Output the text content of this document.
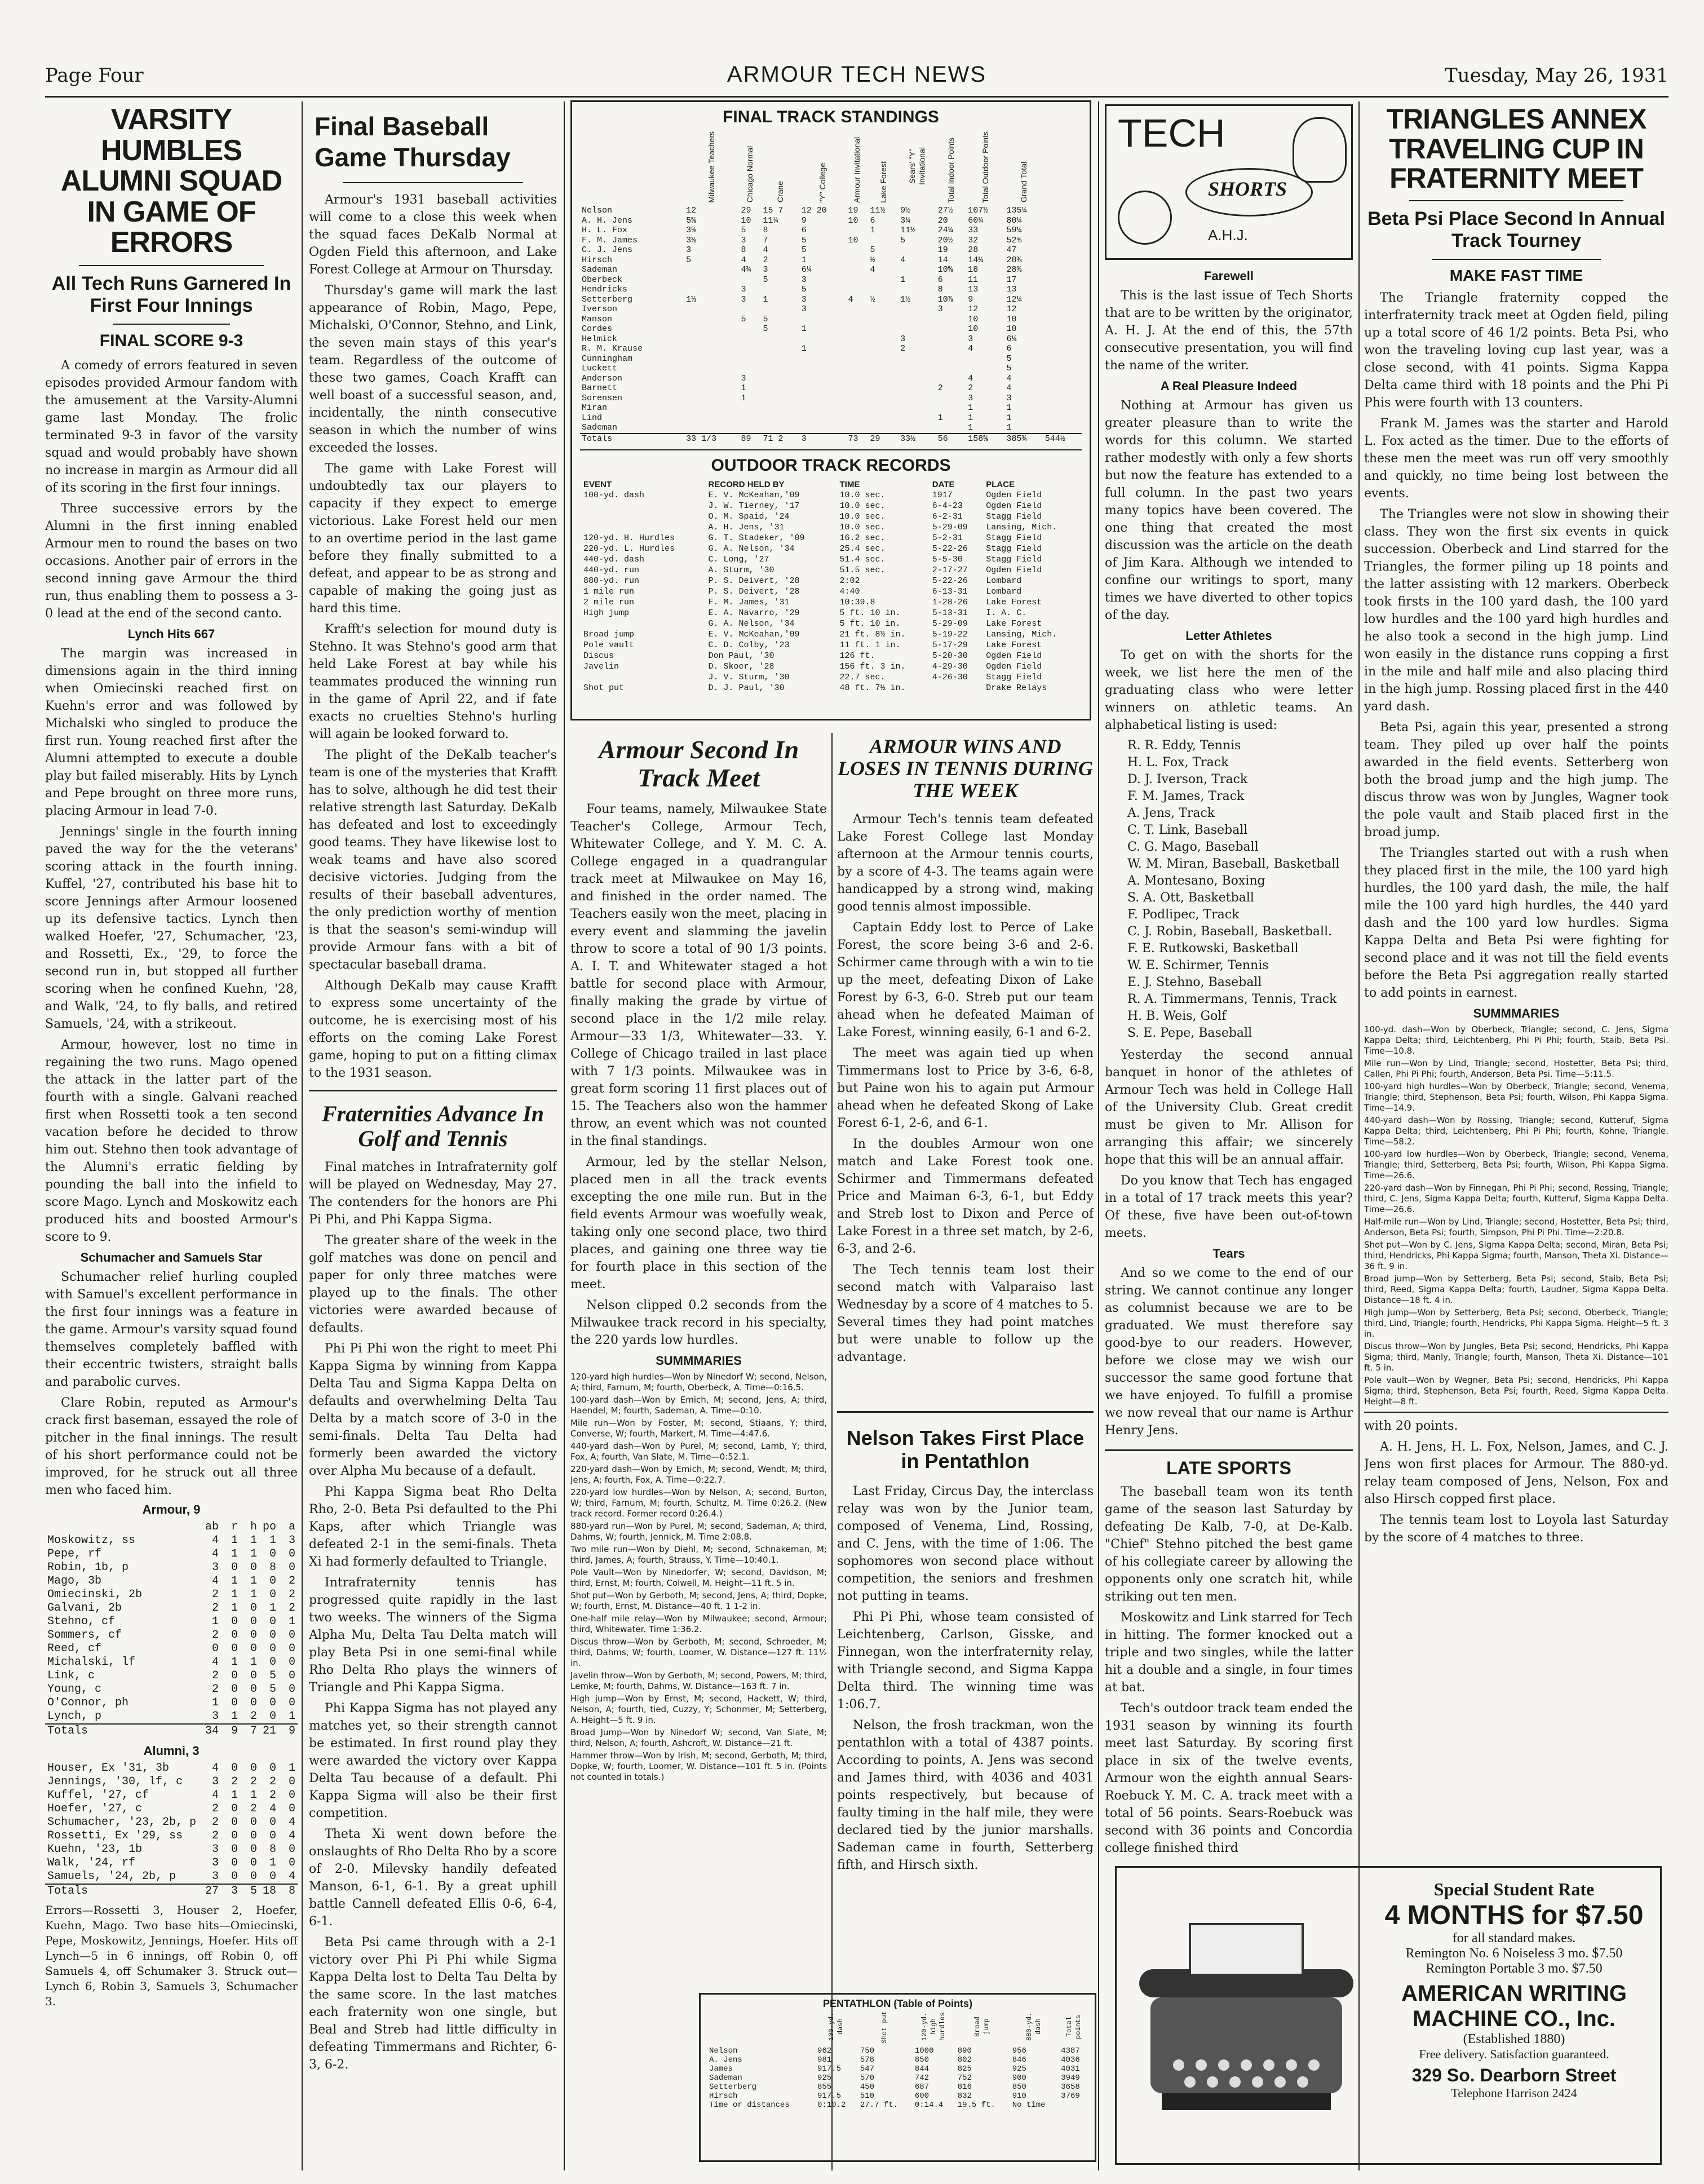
Page Four	ARMOUR TECH NEWS	Tuesday, May 26, 1931
VARSITY HUMBLES ALUMNI SQUAD IN GAME OF ERRORS
All Tech Runs Garnered In First Four Innings
FINAL SCORE 9-3

A comedy of errors featured in seven episodes provided Armour fandom with the amusement at the Varsity-Alumni game last Monday. The frolic terminated 9-3 in favor of the varsity squad and would probably have shown no increase in margin as Armour did all of its scoring in the first four innings.

Three successive errors by the Alumni in the first inning enabled Armour men to round the bases on two occasions. Another pair of errors in the second inning gave Armour the third run, thus enabling them to possess a 3-0 lead at the end of the second canto.

Lynch Hits 667

The margin was increased in dimensions again in the third inning when Omiecinski reached first on Kuehn's error and was followed by Michalski who singled to produce the first run. Young reached first after the Alumni attempted to execute a double play but failed miserably. Hits by Lynch and Pepe brought on three more runs, placing Armour in lead 7-0.

Jennings' single in the fourth inning paved the way for the the veterans' scoring attack in the fourth inning. Kuffel, '27, contributed his base hit to score Jennings after Armour loosened up its defensive tactics. Lynch then walked Hoefer, '27, Schumacher, '23, and Rossetti, Ex., '29, to force the second run in, but stopped all further scoring when he confined Kuehn, '28, and Walk, '24, to fly balls, and retired Samuels, '24, with a strikeout.

Armour, however, lost no time in regaining the two runs. Mago opened the attack in the latter part of the fourth with a single. Galvani reached first when Rossetti took a ten second vacation before he decided to throw him out. Stehno then took advantage of the Alumni's erratic fielding by pounding the ball into the infield to score Mago. Lynch and Moskowitz each produced hits and boosted Armour's score to 9.

Schumacher and Samuels Star

Schumacher relief hurling coupled with Samuel's excellent performance in the first four innings was a feature in the game. Armour's varsity squad found themselves completely baffled with their eccentric twisters, straight balls and parabolic curves.

Clare Robin, reputed as Armour's crack first baseman, essayed the role of pitcher in the final innings. The result of his short performance could not be improved, for he struck out all three men who faced him.

Armour, 9
	ab	r	h	po	a
Moskowitz, ss	4	1	1	1	3
Pepe, rf	4	1	1	0	0
Robin, 1b, p	3	0	0	8	0
Mago, 3b	4	1	1	0	2
Omiecinski, 2b	2	1	1	0	2
Galvani, 2b	2	1	0	1	2
Stehno, cf	1	0	0	0	1
Sommers, cf	2	0	0	0	0
Reed, cf	0	0	0	0	0
Michalski, lf	4	1	1	0	0
Link, c	2	0	0	5	0
Young, c	2	0	0	5	0
O'Connor, ph	1	0	0	0	0
Lynch, p	3	1	2	0	1
Totals	34	9	7	21	9
Alumni, 3
Houser, Ex '31, 3b	4	0	0	0	1
Jennings, '30, lf, c	3	2	2	2	0
Kuffel, '27, cf	4	1	1	2	0
Hoefer, '27, c	2	0	2	4	0
Schumacher, '23, 2b, p	2	0	0	0	4
Rossetti, Ex '29, ss	2	0	0	0	4
Kuehn, '23, 1b	3	0	0	8	0
Walk, '24, rf	3	0	0	1	0
Samuels, '24, 2b, p	3	0	0	0	4
Totals	27	3	5	18	8

Errors—Rossetti 3, Houser 2, Hoefer, Kuehn, Mago. Two base hits—Omiecinski, Pepe, Moskowitz, Jennings, Hoefer. Hits off Lynch—5 in 6 innings, off Robin 0, off Samuels 4, off Schumaker 3. Struck out—Lynch 6, Robin 3, Samuels 3, Schumacher 3.

Final Baseball Game Thursday

Armour's 1931 baseball activities will come to a close this week when the squad faces DeKalb Normal at Ogden Field this afternoon, and Lake Forest College at Armour on Thursday.

Thursday's game will mark the last appearance of Robin, Mago, Pepe, Michalski, O'Connor, Stehno, and Link, the seven main stays of this year's team. Regardless of the outcome of these two games, Coach Krafft can well boast of a successful season, and, incidentally, the ninth consecutive season in which the number of wins exceeded the losses.

The game with Lake Forest will undoubtedly tax our players to capacity if they expect to emerge victorious. Lake Forest held our men to an overtime period in the last game before they finally submitted to a defeat, and appear to be as strong and capable of making the going just as hard this time.

Krafft's selection for mound duty is Stehno. It was Stehno's good arm that held Lake Forest at bay while his teammates produced the winning run in the game of April 22, and if fate exacts no cruelties Stehno's hurling will again be looked forward to.

The plight of the DeKalb teacher's team is one of the mysteries that Krafft has to solve, although he did test their relative strength last Saturday. DeKalb has defeated and lost to exceedingly good teams. They have likewise lost to weak teams and have also scored decisive victories. Judging from the results of their baseball adventures, the only prediction worthy of mention is that the season's semi-windup will provide Armour fans with a bit of spectacular baseball drama.

Although DeKalb may cause Krafft to express some uncertainty of the outcome, he is exercising most of his efforts on the coming Lake Forest game, hoping to put on a fitting climax to the 1931 season.

Fraternities Advance In Golf and Tennis

Final matches in Intrafraternity golf will be played on Wednesday, May 27. The contenders for the honors are Phi Pi Phi, and Phi Kappa Sigma.

The greater share of the week in the golf matches was done on pencil and paper for only three matches were played up to the finals. The other victories were awarded because of defaults.

Phi Pi Phi won the right to meet Phi Kappa Sigma by winning from Kappa Delta Tau and Sigma Kappa Delta on defaults and overwhelming Delta Tau Delta by a match score of 3-0 in the semi-finals. Delta Tau Delta had formerly been awarded the victory over Alpha Mu because of a default.

Phi Kappa Sigma beat Rho Delta Rho, 2-0. Beta Psi defaulted to the Phi Kaps, after which Triangle was defeated 2-1 in the semi-finals. Theta Xi had formerly defaulted to Triangle.

Intrafraternity tennis has progressed quite rapidly in the last two weeks. The winners of the Sigma Alpha Mu, Delta Tau Delta match will play Beta Psi in one semi-final while Rho Delta Rho plays the winners of Triangle and Phi Kappa Sigma.

Phi Kappa Sigma has not played any matches yet, so their strength cannot be estimated. In first round play they were awarded the victory over Kappa Delta Tau because of a default. Phi Kappa Sigma will also be their first competition.

Theta Xi went down before the onslaughts of Rho Delta Rho by a score of 2-0. Milevsky handily defeated Manson, 6-1, 6-1. By a great uphill battle Cannell defeated Ellis 0-6, 6-4, 6-1.

Beta Psi came through with a 2-1 victory over Phi Pi Phi while Sigma Kappa Delta lost to Delta Tau Delta by the same score. In the last matches each fraternity won one single, but Beal and Streb had little difficulty in defeating Timmermans and Richter, 6-3, 6-2.

FINAL TRACK STANDINGS
	Milwaukee Teachers	Chicago Normal	Crane	"Y" College	Armour Invitational	Lake Forest	Sears' "Y" Invitational	Total Indoor Points	Total Outdoor Points	Grand Total	
Nelson	12	29	15 7	12 20	19	11½	9½	27½	107½	135¼	
A. H. Jens	5⅝	10	11¼	9	10	6	3¼	20	60¼	80¼	
H. L. Fox	3⅝	5	8	6		1	11½	24¼	33	59¼	
F. M. James	3⅜	3	7	5	10		5	20½	32	52⅝	
C. J. Jens	3	8	4	5		5		19	28	47	
Hirsch	5	4	2	1		½	4	14	14¼	28⅜	
Sademan		4¾	3	6¼		4		10⅝	18	28⅜	
Oberbeck			5	3			1	6	11	17	
Hendricks		3		5				8	13	13	
Setterberg	1⅓	3	1	3	4	½	1½	10⅞	9	12¼	
Iverson				3				3	12	12	
Manson		5	5						10	10	
Cordes			5	1					10	10	
Helmick							3		3	6¼	
R. M. Krause				1			2		4	6	
Cunningham										5	
Luckett										5	
Anderson		3							4	4	
Barnett		1						2	2	4	
Sorensen		1							3	3	
Miran									1	1	
Lind								1	1	1	
Sademan									1	1	
Totals	33 1/3	89	71 2	3	73	29	33½	56	158⅝	385¾	544½
OUTDOOR TRACK RECORDS
EVENT	RECORD HELD BY	TIME	DATE	PLACE
100-yd. dash	E. V. McKeahan,'09	10.0 sec.	1917	Ogden Field
	J. W. Tierney, '17	10.0 sec.	6-4-23	Ogden Field
	O. M. Spaid, '24	10.0 sec.	6-2-31	Stagg Field
	A. H. Jens, '31	10.0 sec.	5-29-09	Lansing, Mich.
120-yd. H. Hurdles	G. T. Stadeker, '09	16.2 sec.	5-2-31	Stagg Field
220-yd. L. Hurdles	G. A. Nelson, '34	25.4 sec.	5-22-26	Stagg Field
440-yd. dash	C. Long, '27	51.4 sec.	5-5-30	Stagg Field
440-yd. run	A. Sturm, '30	51.5 sec.	2-17-27	Ogden Field
880-yd. run	P. S. Deivert, '28	2:02	5-22-26	Lombard
1 mile run	P. S. Deivert, '28	4:40	6-13-31	Lombard
2 mile run	F. M. James, '31	10:39.8	1-28-26	Lake Forest
High jump	E. A. Navarro, '29	5 ft. 10 in.	5-13-31	I. A. C.
	G. A. Nelson, '34	5 ft. 10 in.	5-29-09	Lake Forest
Broad jump	E. V. McKeahan,'09	21 ft. 8½ in.	5-19-22	Lansing, Mich.
Pole vault	C. D. Colby, '23	11 ft. 1 in.	5-17-29	Lake Forest
Discus	Don Paul, '30	126 ft.	5-20-30	Ogden Field
Javelin	D. Skoer, '28	156 ft. 3 in.	4-29-30	Ogden Field
	J. V. Sturm, '30	22.7 sec.	4-26-30	Stagg Field
Shot put	D. J. Paul, '30	48 ft. 7½ in.		Drake Relays
Armour Second In Track Meet

Four teams, namely, Milwaukee State Teacher's College, Armour Tech, Whitewater College, and Y. M. C. A. College engaged in a quadrangular track meet at Milwaukee on May 16, and finished in the order named. The Teachers easily won the meet, placing in every event and slamming the javelin throw to score a total of 90 1/3 points. A. I. T. and Whitewater staged a hot battle for second place with Armour, finally making the grade by virtue of second place in the 1/2 mile relay. Armour—33 1/3, Whitewater—33. Y. College of Chicago trailed in last place with 7 1/3 points. Milwaukee was in great form scoring 11 first places out of 15. The Teachers also won the hammer throw, an event which was not counted in the final standings.

Armour, led by the stellar Nelson, placed men in all the track events excepting the one mile run. But in the field events Armour was woefully weak, taking only one second place, two third places, and gaining one three way tie for fourth place in this section of the meet.

Nelson clipped 0.2 seconds from the Milwaukee track record in his specialty, the 220 yards low hurdles.

SUMMMARIES

120-yard high hurdles—Won by Ninedorf W; second, Nelson, A; third, Farnum, M; fourth, Oberbeck, A. Time—0:16.5.

100-yard dash—Won by Emich, M; second, Jens, A; third, Haendel, M; fourth, Sademan, A. Time—0:10.

Mile run—Won by Foster, M; second, Stiaans, Y; third, Converse, W; fourth, Markert, M. Time—4:47.6.

440-yard dash—Won by Purel, M; second, Lamb, Y; third, Fox, A; fourth, Van Slate, M. Time—0:52.1.

220-yard dash—Won by Emich, M; second, Wendt, M; third, Jens, A; fourth, Fox, A. Time—0:22.7.

220-yard low hurdles—Won by Nelson, A; second, Burton, W; third, Farnum, M; fourth, Schultz, M. Time 0:26.2. (New track record. Former record 0:26.4.)

880-yard run—Won by Purel, M; second, Sademan, A; third, Dahms, W; fourth, Jennick, M. Time 2:08.8.

Two mile run—Won by Diehl, M; second, Schnakeman, M; third, James, A; fourth, Strauss, Y. Time—10:40.1.

Pole Vault—Won by Ninedorfer, W; second, Davidson, M; third, Ernst, M; fourth, Colwell, M. Height—11 ft. 5 in.

Shot put—Won by Gerboth, M; second, Jens, A; third, Dopke, W; fourth, Ernst, M. Distance—40 ft. 1 1-2 in.

One-half mile relay—Won by Milwaukee; second, Armour; third, Whitewater. Time 1:36.2.

Discus throw—Won by Gerboth, M; second, Schroeder, M; third, Dahms, W; fourth, Loomer, W. Distance—127 ft. 11½ in.

Javelin throw—Won by Gerboth, M; second, Powers, M; third, Lemke, M; fourth, Dahms, W. Distance—163 ft. 7 in.

High jump—Won by Ernst, M; second, Hackett, W; third, Nelson, A; fourth, tied, Cuzzy, Y; Schonmer, M; Setterberg, A. Height—5 ft. 9 in.

Broad Jump—Won by Ninedorf W; second, Van Slate, M; third, Nelson, A; fourth, Ashcroft, W. Distance—21 ft.

Hammer throw—Won by Irish, M; second, Gerboth, M; third, Dopke, W; fourth, Loomer, W. Distance—101 ft. 5 in. (Points not counted in totals.)

ARMOUR WINS AND LOSES IN TENNIS DURING THE WEEK

Armour Tech's tennis team defeated Lake Forest College last Monday afternoon at the Armour tennis courts, by a score of 4-3. The teams again were handicapped by a strong wind, making good tennis almost impossible.

Captain Eddy lost to Perce of Lake Forest, the score being 3-6 and 2-6. Schirmer came through with a win to tie up the meet, defeating Dixon of Lake Forest by 6-3, 6-0. Streb put our team ahead when he defeated Maiman of Lake Forest, winning easily, 6-1 and 6-2.

The meet was again tied up when Timmermans lost to Price by 3-6, 6-8, but Paine won his to again put Armour ahead when he defeated Skong of Lake Forest 6-1, 2-6, and 6-1.

In the doubles Armour won one match and Lake Forest took one. Schirmer and Timmermans defeated Price and Maiman 6-3, 6-1, but Eddy and Streb lost to Dixon and Perce of Lake Forest in a three set match, by 2-6, 6-3, and 2-6.

The Tech tennis team lost their second match with Valparaiso last Wednesday by a score of 4 matches to 5. Several times they had point matches but were unable to follow up the advantage.

Nelson Takes First Place in Pentathlon

Last Friday, Circus Day, the interclass relay was won by the Junior team, composed of Venema, Lind, Rossing, and C. Jens, with the time of 1:06. The sophomores won second place without competition, the seniors and freshmen not putting in teams.

Phi Pi Phi, whose team consisted of Leichtenberg, Carlson, Gisske, and Finnegan, won the interfraternity relay, with Triangle second, and Sigma Kappa Delta third. The winning time was 1:06.7.

Nelson, the frosh trackman, won the pentathlon with a total of 4387 points. According to points, A. Jens was second and James third, with 4036 and 4031 points respectively, but because of faulty timing in the half mile, they were declared tied by the junior marshalls. Sademan came in fourth, Setterberg fifth, and Hirsch sixth.

PENTATHLON (Table of Points)
	100-yd. dash	Shot put	120-yd. high hurdles	Broad jump	880-yd. dash	Total points
Nelson	962	750	1000	890	956	4387
A. Jens	981	578	850	802	846	4036
James	917.5	547	844	825	925	4031
Sademan	925	570	742	752	900	3949
Setterberg	855	450	687	816	850	3658
Hirsch	917.5	510	600	832	910	3769
Time or distances	0:10.2	27.7 ft.	0:14.4	19.5 ft.	No time	
TECH
SHORTS
A.H.J.
Farewell

This is the last issue of Tech Shorts that are to be written by the originator, A. H. J. At the end of this, the 57th consecutive presentation, you will find the name of the writer.

A Real Pleasure Indeed

Nothing at Armour has given us greater pleasure than to write the words for this column. We started rather modestly with only a few shorts but now the feature has extended to a full column. In the past two years many topics have been covered. The one thing that created the most discussion was the article on the death of Jim Kara. Although we intended to confine our writings to sport, many times we have diverted to other topics of the day.

Letter Athletes

To get on with the shorts for the week, we list here the men of the graduating class who were letter winners on athletic teams. An alphabetical listing is used:

R. R. Eddy, Tennis
H. L. Fox, Track
D. J. Iverson, Track
F. M. James, Track
A. Jens, Track
C. T. Link, Baseball
C. G. Mago, Baseball
W. M. Miran, Baseball, Basketball
A. Montesano, Boxing
S. A. Ott, Basketball
F. Podlipec, Track
C. J. Robin, Baseball, Basketball.
F. E. Rutkowski, Basketball
W. E. Schirmer, Tennis
E. J. Stehno, Baseball
R. A. Timmermans, Tennis, Track
H. B. Weis, Golf
S. E. Pepe, Baseball

Yesterday the second annual banquet in honor of the athletes of Armour Tech was held in College Hall of the University Club. Great credit must be given to Mr. Allison for arranging this affair; we sincerely hope that this will be an annual affair.

Do you know that Tech has engaged in a total of 17 track meets this year? Of these, five have been out-of-town meets.

Tears

And so we come to the end of our string. We cannot continue any longer as columnist because we are to be graduated. We must therefore say good-bye to our readers. However, before we close may we wish our successor the same good fortune that we have enjoyed. To fulfill a promise we now reveal that our name is Arthur Henry Jens.

LATE SPORTS

The baseball team won its tenth game of the season last Saturday by defeating De Kalb, 7-0, at De-Kalb. "Chief" Stehno pitched the best game of his collegiate career by allowing the opponents only one scratch hit, while striking out ten men.

Moskowitz and Link starred for Tech in hitting. The former knocked out a triple and two singles, while the latter hit a double and a single, in four times at bat.

Tech's outdoor track team ended the 1931 season by winning its fourth meet last Saturday. By scoring first place in six of the twelve events, Armour won the eighth annual Sears-Roebuck Y. M. C. A. track meet with a total of 56 points. Sears-Roebuck was second with 36 points and Concordia college finished third

TRIANGLES ANNEX TRAVELING CUP IN FRATERNITY MEET
Beta Psi Place Second In Annual Track Tourney
MAKE FAST TIME

The Triangle fraternity copped the interfraternity track meet at Ogden field, piling up a total score of 46 1/2 points. Beta Psi, who won the traveling loving cup last year, was a close second, with 41 points. Sigma Kappa Delta came third with 18 points and the Phi Pi Phis were fourth with 13 counters.

Frank M. James was the starter and Harold L. Fox acted as the timer. Due to the efforts of these men the meet was run off very smoothly and quickly, no time being lost between the events.

The Triangles were not slow in showing their class. They won the first six events in quick succession. Oberbeck and Lind starred for the Triangles, the former piling up 18 points and the latter assisting with 12 markers. Oberbeck took firsts in the 100 yard dash, the 100 yard low hurdles and the 100 yard high hurdles and he also took a second in the high jump. Lind won easily in the distance runs copping a first in the mile and half mile and also placing third in the high jump. Rossing placed first in the 440 yard dash.

Beta Psi, again this year, presented a strong team. They piled up over half the points awarded in the field events. Setterberg won both the broad jump and the high jump. The discus throw was won by Jungles, Wagner took the pole vault and Staib placed first in the broad jump.

The Triangles started out with a rush when they placed first in the mile, the 100 yard high hurdles, the 100 yard dash, the mile, the half mile the 100 yard high hurdles, the 440 yard dash and the 100 yard low hurdles. Sigma Kappa Delta and Beta Psi were fighting for second place and it was not till the field events before the Beta Psi aggregation really started to add points in earnest.

SUMMMARIES

100-yd. dash—Won by Oberbeck, Triangle; second, C. Jens, Sigma Kappa Delta; third, Leichtenberg, Phi Pi Phi; fourth, Staib, Beta Psi. Time—10.8.

Mile run—Won by Lind, Triangle; second, Hostetter, Beta Psi; third, Callen, Phi Pi Phi; fourth, Anderson, Beta Psi. Time—5:11.5.

100-yard high hurdles—Won by Oberbeck, Triangle; second, Venema, Triangle; third, Stephenson, Beta Psi; fourth, Wilson, Phi Kappa Sigma. Time—14.9.

440-yard dash—Won by Rossing, Triangle; second, Kutteruf, Sigma Kappa Delta; third, Leichtenberg, Phi Pi Phi; fourth, Kohne, Triangle. Time—58.2.

100-yard low hurdles—Won by Oberbeck, Triangle; second, Venema, Triangle; third, Setterberg, Beta Psi; fourth, Wilson, Phi Kappa Sigma. Time—26.6.

220-yard dash—Won by Finnegan, Phi Pi Phi; second, Rossing, Triangle; third, C. Jens, Sigma Kappa Delta; fourth, Kutteruf, Sigma Kappa Delta. Time—26.6.

Half-mile run—Won by Lind, Triangle; second, Hostetter, Beta Psi; third, Anderson, Beta Psi; fourth, Simpson, Phi Pi Phi. Time—2:20.8.

Shot put—Won by C. Jens, Sigma Kappa Delta; second, Miran, Beta Psi; third, Hendricks, Phi Kappa Sigma; fourth, Manson, Theta Xi. Distance—36 ft. 9 in.

Broad jump—Won by Setterberg, Beta Psi; second, Staib, Beta Psi; third, Reed, Sigma Kappa Delta; fourth, Laudner, Sigma Kappa Delta. Distance—18 ft. 4 in.

High jump—Won by Setterberg, Beta Psi; second, Oberbeck, Triangle; third, Lind, Triangle; fourth, Hendricks, Phi Kappa Sigma. Height—5 ft. 3 in.

Discus throw—Won by Jungles, Beta Psi; second, Hendricks, Phi Kappa Sigma; third, Manly, Triangle; fourth, Manson, Theta Xi. Distance—101 ft. 5 in.

Pole vault—Won by Wegner, Beta Psi; second, Hendricks, Phi Kappa Sigma; third, Stephenson, Beta Psi; fourth, Reed, Sigma Kappa Delta. Height—8 ft.

with 20 points.

A. H. Jens, H. L. Fox, Nelson, James, and C. J. Jens won first places for Armour. The 880-yd. relay team composed of Jens, Nelson, Fox and also Hirsch copped first place.

The tennis team lost to Loyola last Saturday by the score of 4 matches to three.

Special Student Rate
4 MONTHS for $7.50
for all standard makes.
Remington No. 6 Noiseless 3 mo. $7.50
Remington Portable 3 mo. $7.50
AMERICAN WRITING MACHINE CO., Inc.
(Established 1880)
Free delivery. Satisfaction guaranteed.
329 So. Dearborn Street
Telephone Harrison 2424
